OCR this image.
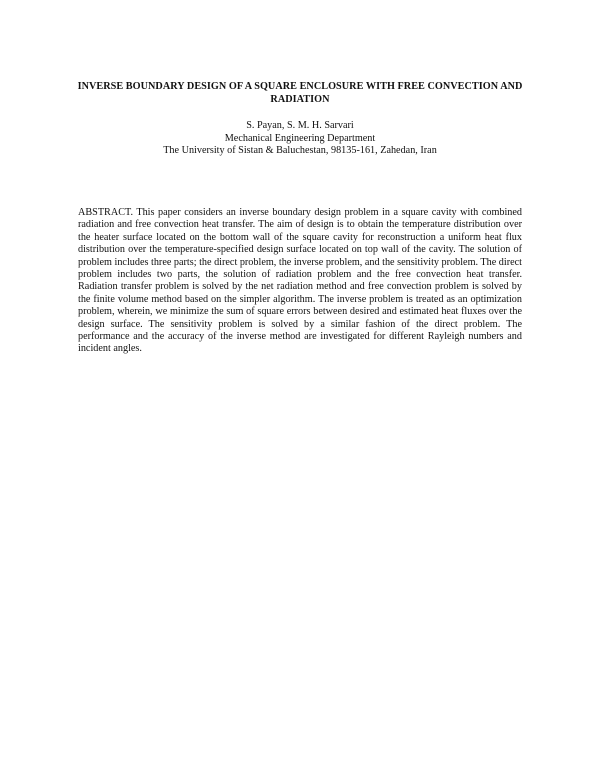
INVERSE BOUNDARY DESIGN OF A SQUARE ENCLOSURE WITH FREE CONVECTION AND RADIATION
S. Payan, S. M. H. Sarvari
Mechanical Engineering Department
The University of Sistan & Baluchestan, 98135-161, Zahedan, Iran
ABSTRACT. This paper considers an inverse boundary design problem in a square cavity with combined radiation and free convection heat transfer. The aim of design is to obtain the temperature distribution over the heater surface located on the bottom wall of the square cavity for reconstruction a uniform heat flux distribution over the temperature-specified design surface located on top wall of the cavity. The solution of problem includes three parts; the direct problem, the inverse problem, and the sensitivity problem. The direct problem includes two parts, the solution of radiation problem and the free convection heat transfer. Radiation transfer problem is solved by the net radiation method and free convection problem is solved by the finite volume method based on the simpler algorithm. The inverse problem is treated as an optimization problem, wherein, we minimize the sum of square errors between desired and estimated heat fluxes over the design surface. The sensitivity problem is solved by a similar fashion of the direct problem. The performance and the accuracy of the inverse method are investigated for different Rayleigh numbers and incident angles.
